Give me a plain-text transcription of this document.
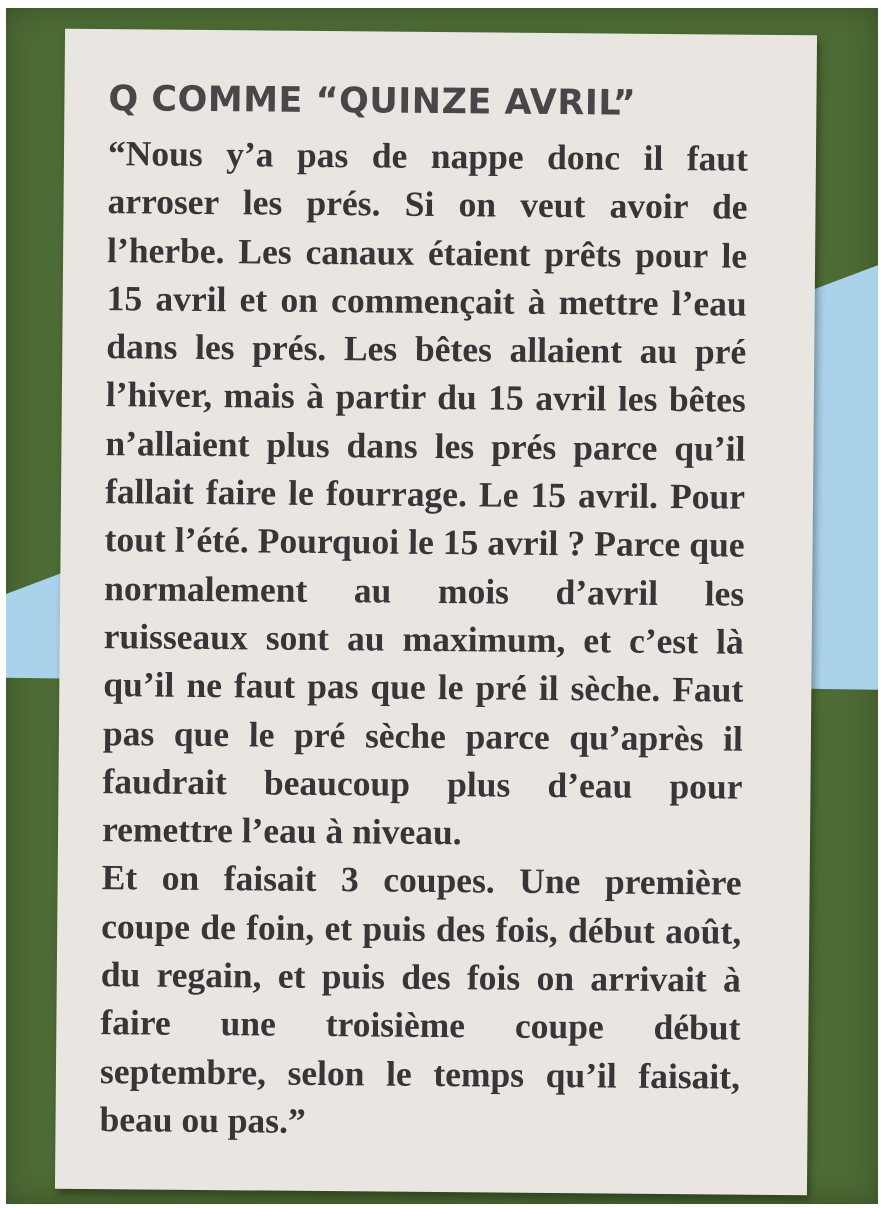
Q COMME “QUINZE AVRIL”

“Nous y’a pas de nappe donc il faut arroser les prés. Si on veut avoir de l’herbe. Les canaux étaient prêts pour le 15 avril et on commençait à mettre l’eau dans les prés. Les bêtes allaient au pré l’hiver, mais à partir du 15 avril les bêtes n’allaient plus dans les prés parce qu’il fallait faire le fourrage. Le 15 avril. Pour tout l’été. Pourquoi le 15 avril ? Parce que normalement au mois d’avril les ruisseaux sont au maximum, et c’est là qu’il ne faut pas que le pré il sèche. Faut pas que le pré sèche parce qu’après il faudrait beaucoup plus d’eau pour remettre l’eau à niveau.

Et on faisait 3 coupes. Une première coupe de foin, et puis des fois, début août, du regain, et puis des fois on arrivait à faire une troisième coupe début septembre, selon le temps qu’il faisait, beau ou pas.”
